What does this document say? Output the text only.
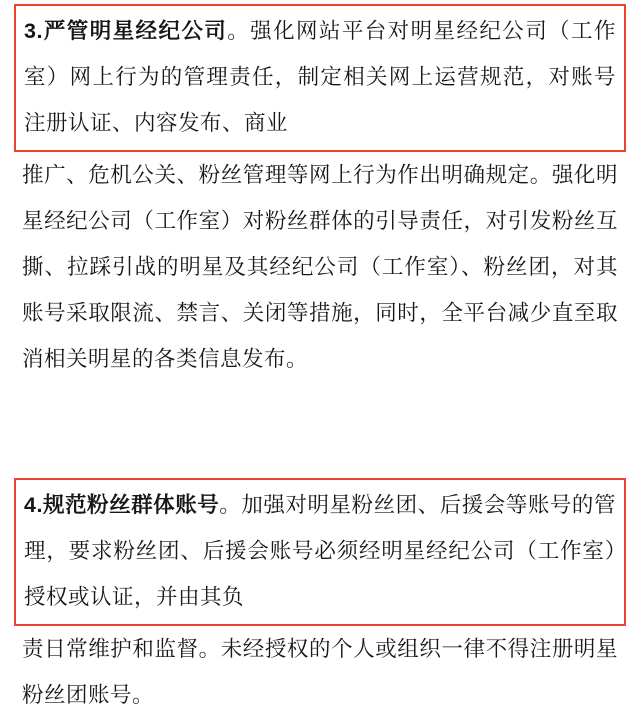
3.严管明星经纪公司。强化网站平台对明星经纪公司（工作室）网上行为的管理责任，制定相关网上运营规范，对账号注册认证、内容发布、商业
推广、危机公关、粉丝管理等网上行为作出明确规定。强化明星经纪公司（工作室）对粉丝群体的引导责任，对引发粉丝互撕、拉踩引战的明星及其经纪公司（工作室）、粉丝团，对其账号采取限流、禁言、关闭等措施，同时，全平台减少直至取消相关明星的各类信息发布。
4.规范粉丝群体账号。加强对明星粉丝团、后援会等账号的管理，要求粉丝团、后援会账号必须经明星经纪公司（工作室）授权或认证，并由其负
责日常维护和监督。未经授权的个人或组织一律不得注册明星粉丝团账号。
